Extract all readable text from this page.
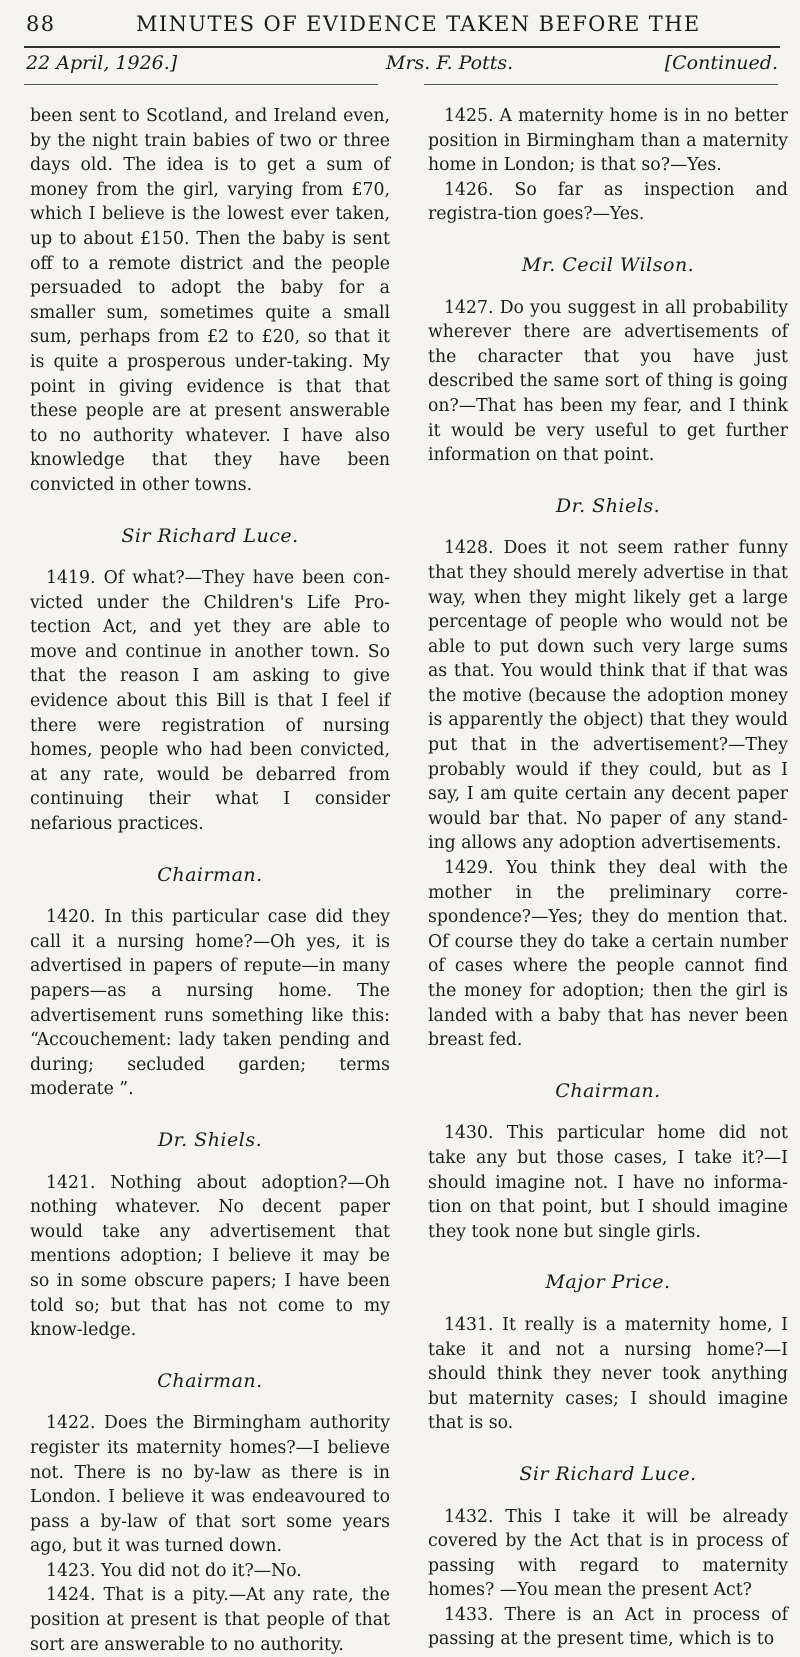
88	MINUTES OF EVIDENCE TAKEN BEFORE THE
22 April, 1926.]	Mrs. F. Potts.	[Continued.

been sent to Scotland, and Ireland even, by the night train babies of two or three days old. The idea is to get a sum of money from the girl, varying from £70, which I believe is the lowest ever taken, up to about £150. Then the baby is sent off to a remote district and the people persuaded to adopt the baby for a smaller sum, sometimes quite a small sum, perhaps from £2 to £20, so that it is quite a prosperous under-taking. My point in giving evidence is that that these people are at present answerable to no authority whatever. I have also knowledge that they have been convicted in other towns.

Sir Richard Luce.

1419. Of what?—They have been con-victed under the Children's Life Pro-tection Act, and yet they are able to move and continue in another town. So that the reason I am asking to give evidence about this Bill is that I feel if there were registration of nursing homes, people who had been convicted, at any rate, would be debarred from continuing their what I consider nefarious practices.

Chairman.

1420. In this particular case did they call it a nursing home?—Oh yes, it is advertised in papers of repute—in many papers—as a nursing home. The advertisement runs something like this: “Accouchement: lady taken pending and during; secluded garden; terms moderate ”.

Dr. Shiels.

1421. Nothing about adoption?—Oh nothing whatever. No decent paper would take any advertisement that mentions adoption; I believe it may be so in some obscure papers; I have been told so; but that has not come to my know-ledge.

Chairman.

1422. Does the Birmingham authority register its maternity homes?—I believe not. There is no by-law as there is in London. I believe it was endeavoured to pass a by-law of that sort some years ago, but it was turned down.

1423. You did not do it?—No.

1424. That is a pity.—At any rate, the position at present is that people of that sort are answerable to no authority.

1425. A maternity home is in no better position in Birmingham than a maternity home in London; is that so?—Yes.

1426. So far as inspection and registra-tion goes?—Yes.

Mr. Cecil Wilson.

1427. Do you suggest in all probability wherever there are advertisements of the character that you have just described the same sort of thing is going on?—That has been my fear, and I think it would be very useful to get further information on that point.

Dr. Shiels.

1428. Does it not seem rather funny that they should merely advertise in that way, when they might likely get a large percentage of people who would not be able to put down such very large sums as that. You would think that if that was the motive (because the adoption money is apparently the object) that they would put that in the advertisement?—They probably would if they could, but as I say, I am quite certain any decent paper would bar that. No paper of any stand-ing allows any adoption advertisements.

1429. You think they deal with the mother in the preliminary corre-spondence?—Yes; they do mention that. Of course they do take a certain number of cases where the people cannot find the money for adoption; then the girl is landed with a baby that has never been breast fed.

Chairman.

1430. This particular home did not take any but those cases, I take it?—I should imagine not. I have no informa-tion on that point, but I should imagine they took none but single girls.

Major Price.

1431. It really is a maternity home, I take it and not a nursing home?—I should think they never took anything but maternity cases; I should imagine that is so.

Sir Richard Luce.

1432. This I take it will be already covered by the Act that is in process of passing with regard to maternity homes? —You mean the present Act?

1433. There is an Act in process of passing at the present time, which is to
